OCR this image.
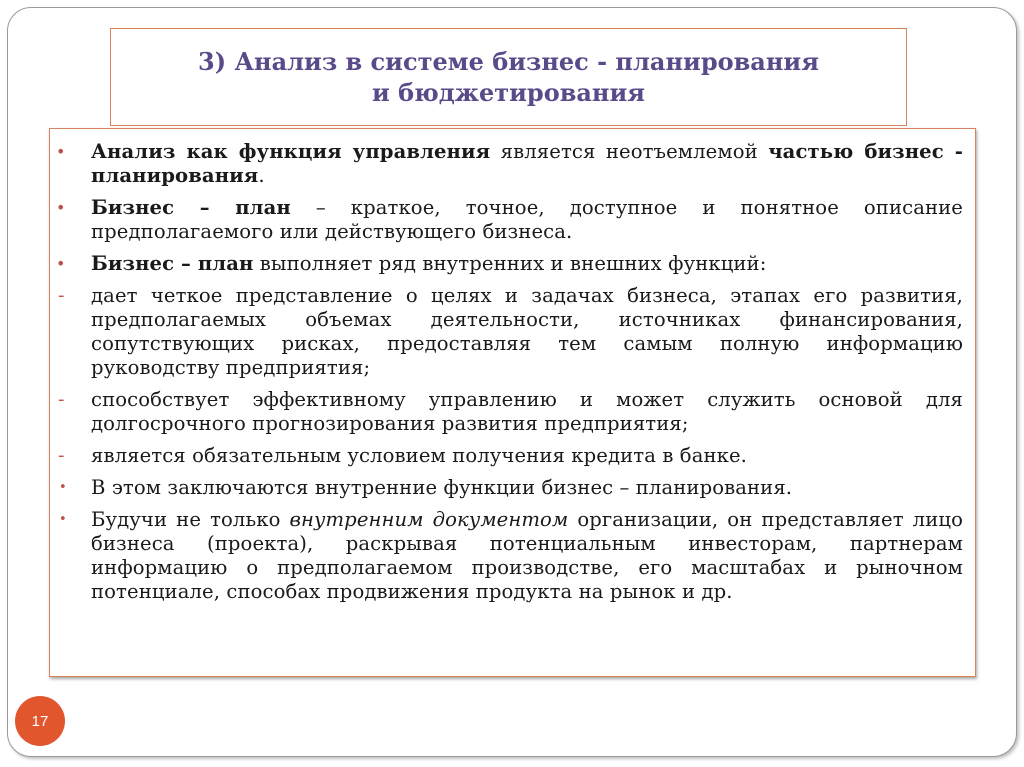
3) Анализ в системе бизнес - планирования и бюджетирования
• Анализ как функция управления является неотъемлемой частью бизнес - планирования.
• Бизнес – план – краткое, точное, доступное и понятное описание предполагаемого или действующего бизнеса.
• Бизнес – план выполняет ряд внутренних и внешних функций:
- дает четкое представление о целях и задачах бизнеса, этапах его развития, предполагаемых объемах деятельности, источниках финансирования, сопутствующих рисках, предоставляя тем самым полную информацию руководству предприятия;
- способствует эффективному управлению и может служить основой для долгосрочного прогнозирования развития предприятия;
- является обязательным условием получения кредита в банке.
• В этом заключаются внутренние функции бизнес – планирования.
• Будучи не только внутренним документом организации, он представляет лицо бизнеса (проекта), раскрывая потенциальным инвесторам, партнерам информацию о предполагаемом производстве, его масштабах и рыночном потенциале, способах продвижения продукта на рынок и др.
17
